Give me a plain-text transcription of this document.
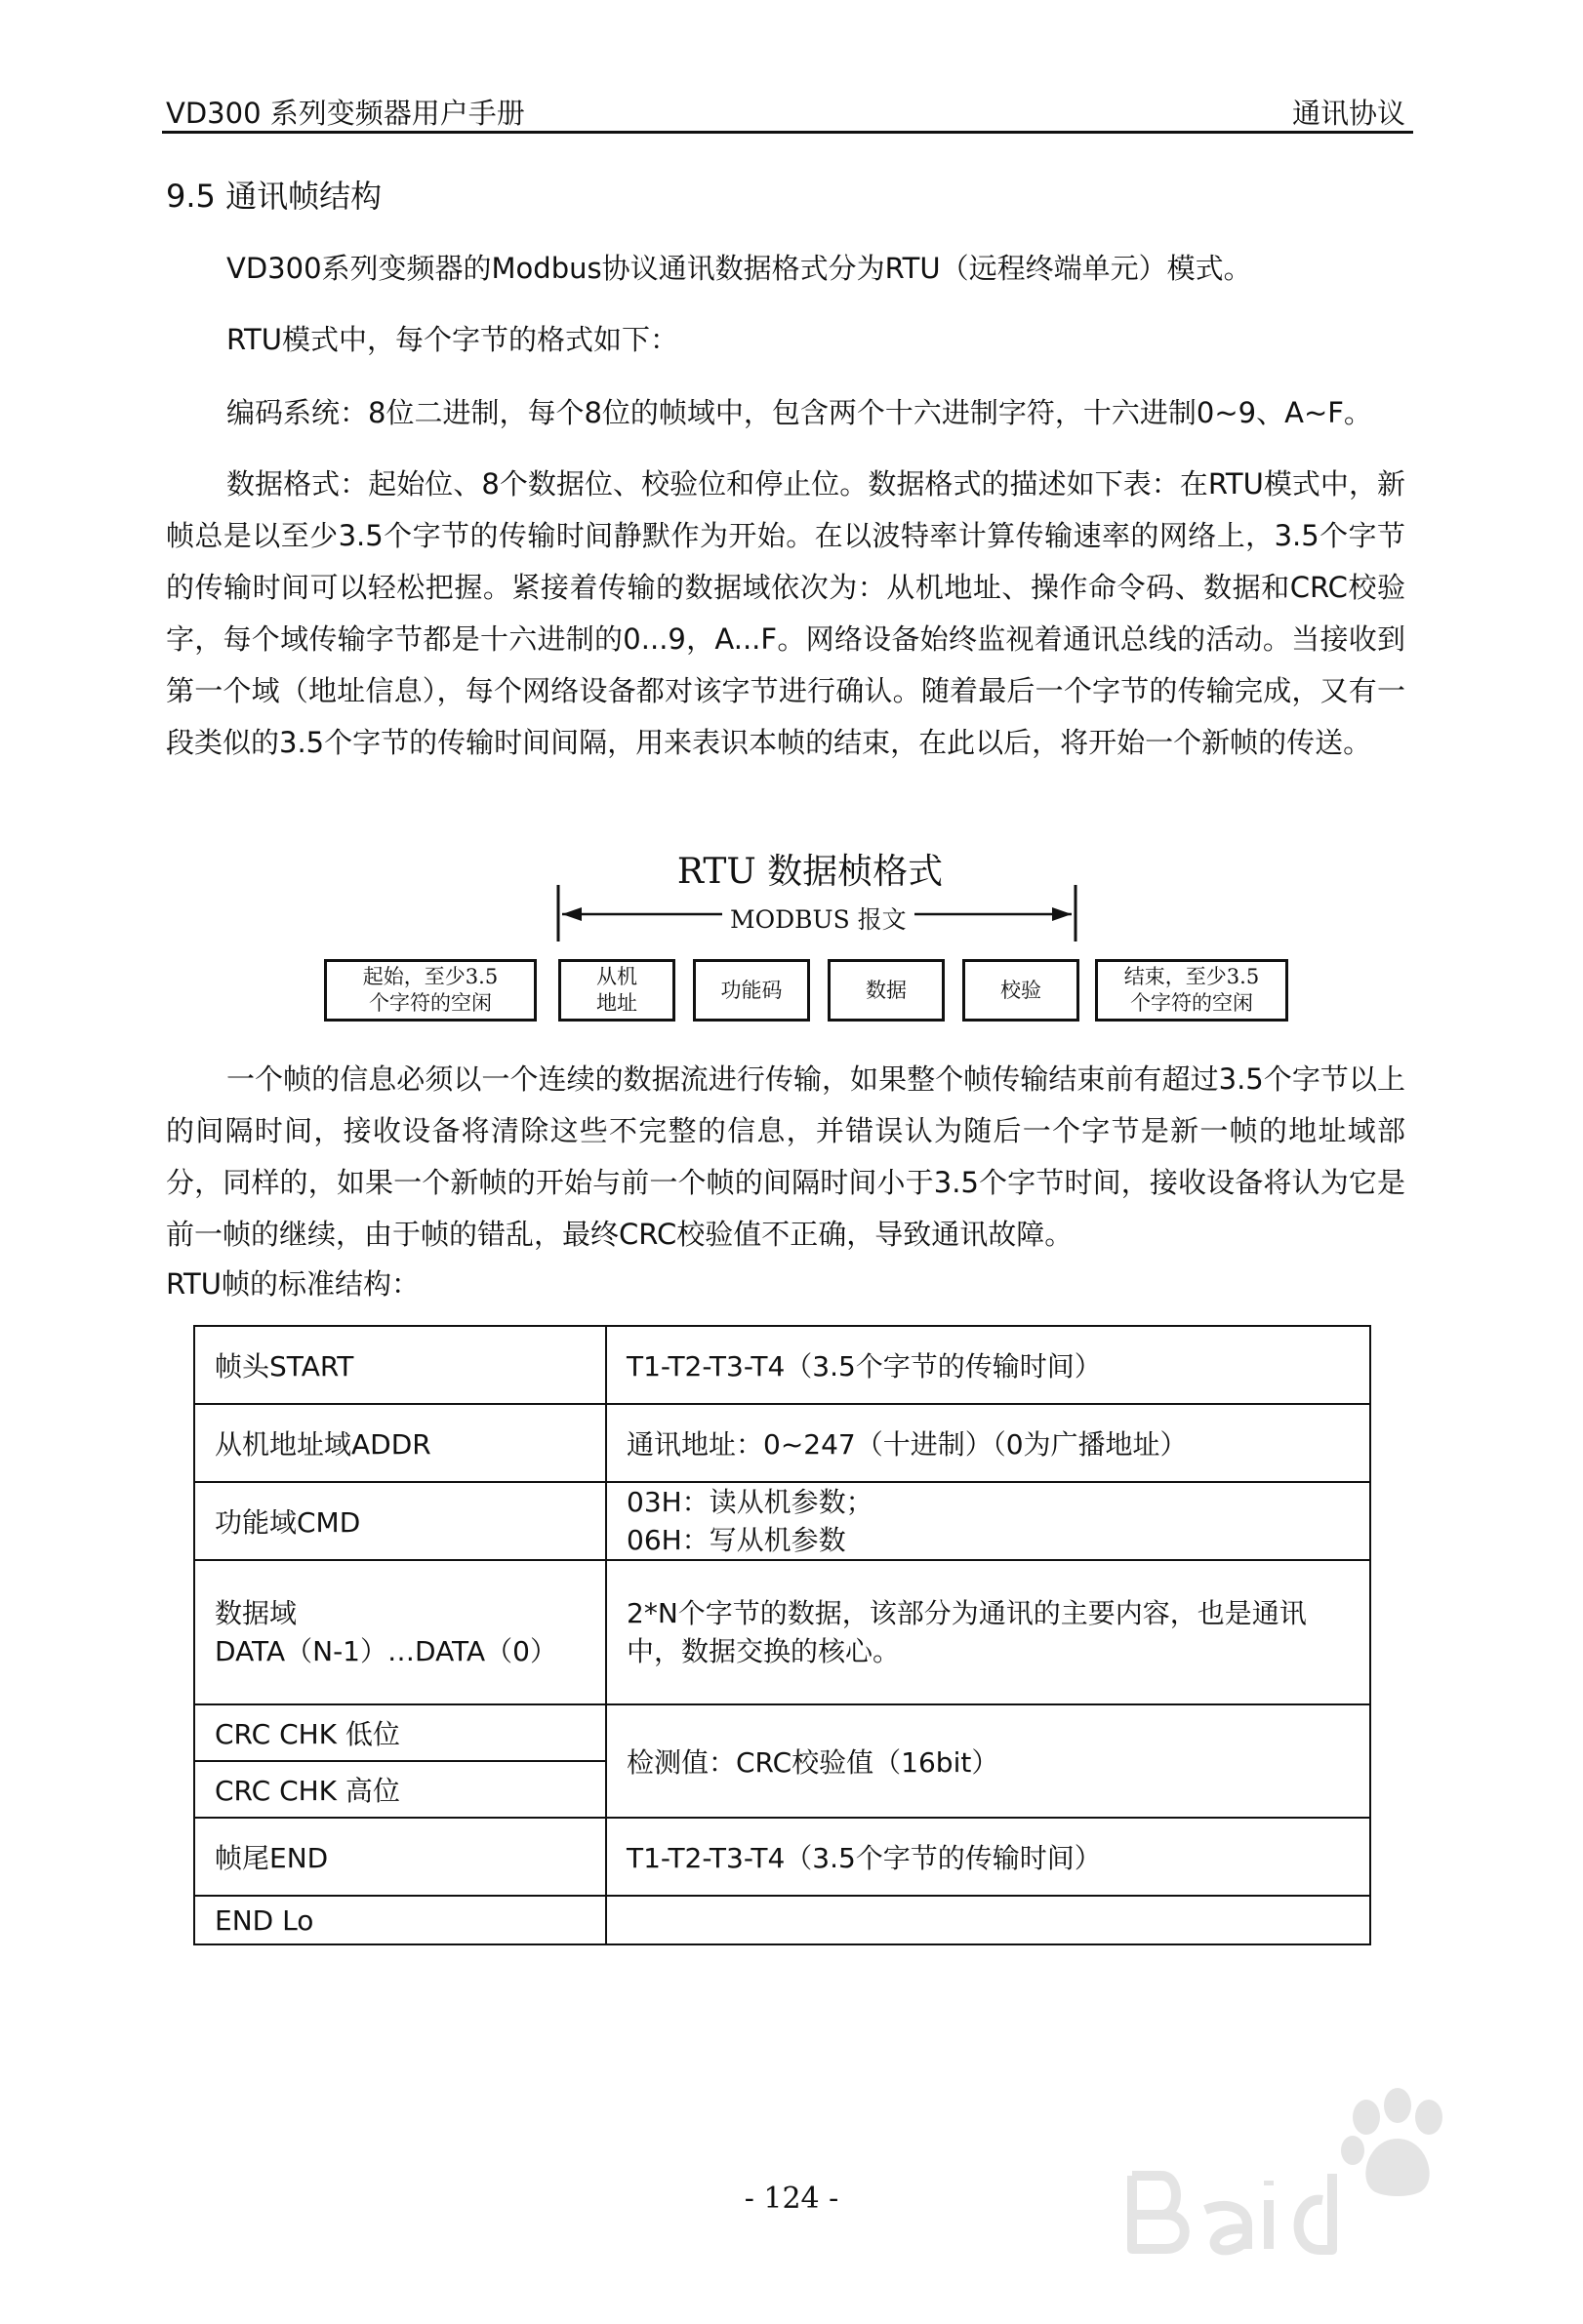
VD300 系列变频器用户手册	通讯协议
9.5 通讯帧结构
VD300系列变频器的Modbus协议通讯数据格式分为RTU（远程终端单元）模式。
RTU模式中，每个字节的格式如下：
编码系统：8位二进制，每个8位的帧域中，包含两个十六进制字符，十六进制0~9、A~F。
数据格式：起始位、8个数据位、校验位和停止位。数据格式的描述如下表：在RTU模式中，新帧总是以至少3.5个字节的传输时间静默作为开始。在以波特率计算传输速率的网络上，3.5个字节的传输时间可以轻松把握。紧接着传输的数据域依次为：从机地址、操作命令码、数据和CRC校验字，每个域传输字节都是十六进制的0...9，A...F。网络设备始终监视着通讯总线的活动。当接收到第一个域（地址信息），每个网络设备都对该字节进行确认。随着最后一个字节的传输完成，又有一段类似的3.5个字节的传输时间间隔，用来表识本帧的结束，在此以后，将开始一个新帧的传送。
RTU 数据桢格式
MODBUS 报文
起始，至少3.5
个字符的空闲
从机
地址
功能码	数据	校验
结束，至少3.5
个字符的空闲
一个帧的信息必须以一个连续的数据流进行传输，如果整个帧传输结束前有超过3.5个字节以上的间隔时间，接收设备将清除这些不完整的信息，并错误认为随后一个字节是新一帧的地址域部分，同样的，如果一个新帧的开始与前一个帧的间隔时间小于3.5个字节时间，接收设备将认为它是前一帧的继续，由于帧的错乱，最终CRC校验值不正确，导致通讯故障。
RTU帧的标准结构：
帧头START	T1-T2-T3-T4（3.5个字节的传输时间）
从机地址域ADDR	通讯地址：0~247（十进制）（0为广播地址）
功能域CMD	03H：读从机参数；
06H：写从机参数
数据域
DATA（N-1）…DATA（0）	2*N个字节的数据，该部分为通讯的主要内容，也是通讯中，数据交换的核心。
CRC CHK 低位	检测值：CRC校验值（16bit）
CRC CHK 高位	
帧尾END	T1-T2-T3-T4（3.5个字节的传输时间）
END Lo	
- 124 -
